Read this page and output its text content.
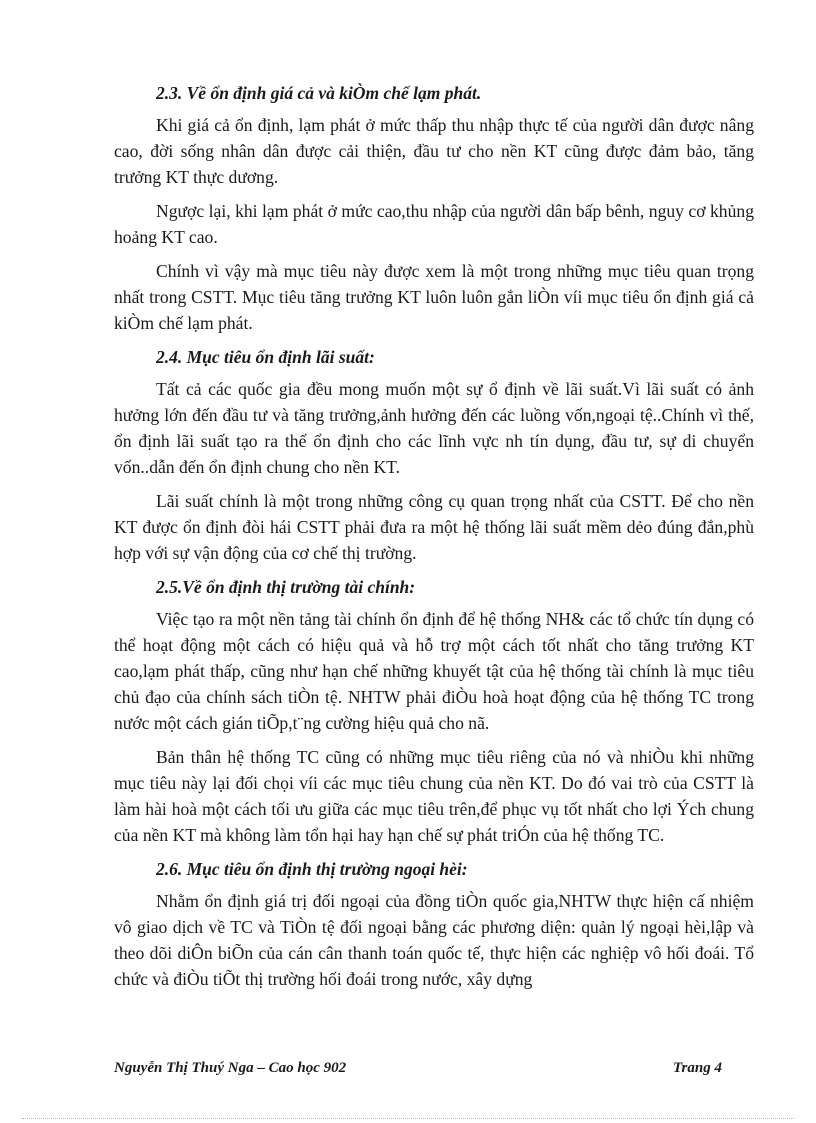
2.3. Về ổn định giá cả và kiÒm chế lạm phát.

Khi giá cả ổn định, lạm phát ở mức thấp thu nhập thực tế của người dân được nâng cao, đời sống nhân dân được cải thiện, đầu tư cho nền KT cũng được đảm bảo, tăng trưởng KT thực dương.

Ngược lại, khi lạm phát ở mức cao,thu nhập của người dân bấp bênh, nguy cơ khủng hoảng KT cao.

Chính vì vậy mà mục tiêu này được xem là một trong những mục tiêu quan trọng nhất trong CSTT. Mục tiêu tăng trưởng KT luôn luôn gắn liÒn víi mục tiêu ổn định giá cả kiÒm chế lạm phát.

2.4. Mục tiêu ổn định lãi suất:

Tất cả các quốc gia đều mong muốn một sự ổ định về lãi suất.Vì lãi suất có ảnh hưởng lớn đến đầu tư và tăng trưởng,ảnh hưởng đến các luồng vốn,ngoại tệ..Chính vì thế, ổn định lãi suất tạo ra thế ổn định cho các lĩnh vực nh tín dụng, đầu tư, sự di chuyển vốn..dẫn đến ổn định chung cho nền KT.

Lãi suất chính là một trong những công cụ quan trọng nhất của CSTT. Để cho nền KT được ổn định đòi hái CSTT phải đưa ra một hệ thống lãi suất mềm dẻo đúng đắn,phù hợp với sự vận động của cơ chế thị trường.

2.5.Về ổn định thị trường tài chính:

Việc tạo ra một nền tảng tài chính ổn định để hệ thống NH& các tổ chức tín dụng có thể hoạt động một cách có hiệu quả và hỗ trợ một cách tốt nhất cho tăng trưởng KT cao,lạm phát thấp, cũng như hạn chế những khuyết tật của hệ thống tài chính là mục tiêu chủ đạo của chính sách tiÒn tệ. NHTW phải điÒu hoà hoạt động của hệ thống TC trong nước một cách gián tiÕp,t¨ng cường hiệu quả cho nã.

Bản thân hệ thống TC cũng có những mục tiêu riêng của nó và nhiÒu khi những mục tiêu này lại đối chọi víi các mục tiêu chung của nền KT. Do đó vai trò của CSTT là làm hài hoà một cách tối ưu giữa các mục tiêu trên,để phục vụ tốt nhất cho lợi Ých chung của nền KT mà không làm tổn hại hay hạn chế sự phát triÓn của hệ thống TC.

2.6. Mục tiêu ổn định thị trường ngoại hèi:

Nhằm ổn định giá trị đối ngoại của đồng tiÒn quốc gia,NHTW thực hiện cấ nhiệm vô giao dịch về TC và TiÒn tệ đối ngoại bằng các phương diện: quản lý ngoại hèi,lập và theo dõi diÔn biÕn của cán cân thanh toán quốc tế, thực hiện các nghiệp vô hối đoái. Tổ chức và điÒu tiÕt thị trường hối đoái trong nước, xây dựng

Nguyễn Thị Thuý Nga – Cao học 902	Trang 4
